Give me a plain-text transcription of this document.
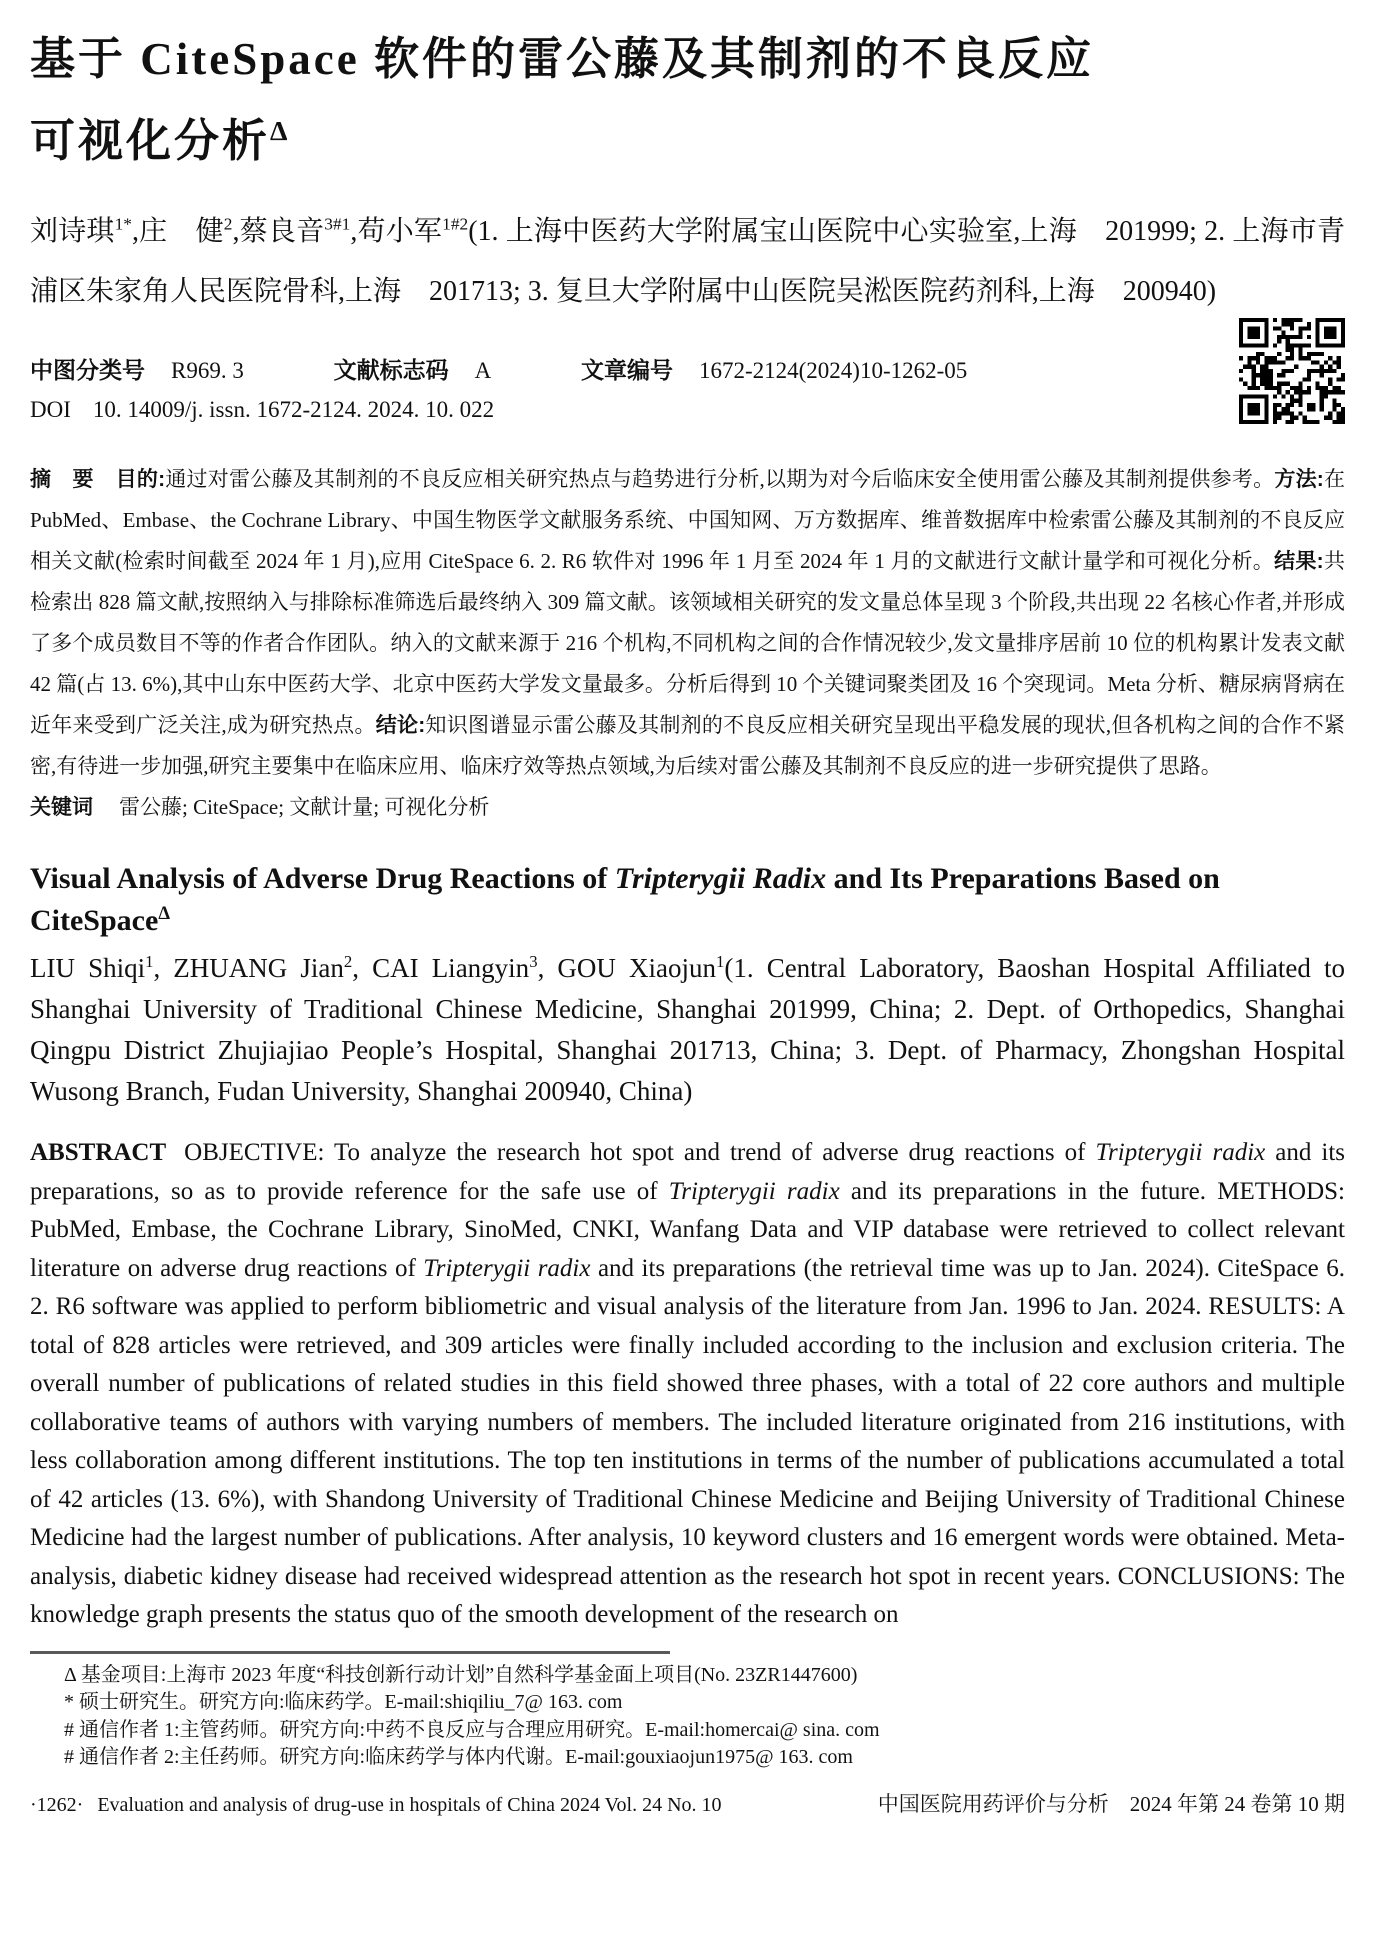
基于 CiteSpace 软件的雷公藤及其制剂的不良反应
可视化分析$^\Delta$
刘诗琪$^{1*}$,庄　健$^2$,蔡良音$^{3\#1}$,苟小军$^{1\#2}$(1. 上海中医药大学附属宝山医院中心实验室,上海　201999; 2. 上海市青浦区朱家角人民医院骨科,上海　201713; 3. 复旦大学附属中山医院吴淞医院药剂科,上海　200940)
中图分类号 R969. 3	文献标志码 A	文章编号 1672-2124(2024)10-1262-05
DOI 10. 14009/j. issn. 1672-2124. 2024. 10. 022
摘　要 目的:通过对雷公藤及其制剂的不良反应相关研究热点与趋势进行分析,以期为对今后临床安全使用雷公藤及其制剂提供参考。方法:在 PubMed、Embase、the Cochrane Library、中国生物医学文献服务系统、中国知网、万方数据库、维普数据库中检索雷公藤及其制剂的不良反应相关文献(检索时间截至 2024 年 1 月),应用 CiteSpace 6. 2. R6 软件对 1996 年 1 月至 2024 年 1 月的文献进行文献计量学和可视化分析。结果:共检索出 828 篇文献,按照纳入与排除标准筛选后最终纳入 309 篇文献。该领域相关研究的发文量总体呈现 3 个阶段,共出现 22 名核心作者,并形成了多个成员数目不等的作者合作团队。纳入的文献来源于 216 个机构,不同机构之间的合作情况较少,发文量排序居前 10 位的机构累计发表文献 42 篇(占 13. 6%),其中山东中医药大学、北京中医药大学发文量最多。分析后得到 10 个关键词聚类团及 16 个突现词。Meta 分析、糖尿病肾病在近年来受到广泛关注,成为研究热点。结论:知识图谱显示雷公藤及其制剂的不良反应相关研究呈现出平稳发展的现状,但各机构之间的合作不紧密,有待进一步加强,研究主要集中在临床应用、临床疗效等热点领域,为后续对雷公藤及其制剂不良反应的进一步研究提供了思路。
关键词 雷公藤; CiteSpace; 文献计量; 可视化分析
Visual Analysis of Adverse Drug Reactions of Tripterygii Radix and Its Preparations Based on
CiteSpace$^\Delta$
LIU Shiqi$^1$, ZHUANG Jian$^2$, CAI Liangyin$^3$, GOU Xiaojun$^1$(1. Central Laboratory, Baoshan Hospital Affiliated to Shanghai University of Traditional Chinese Medicine, Shanghai 201999, China; 2. Dept. of Orthopedics, Shanghai Qingpu District Zhujiajiao People’s Hospital, Shanghai 201713, China; 3. Dept. of Pharmacy, Zhongshan Hospital Wusong Branch, Fudan University, Shanghai 200940, China)
ABSTRACT OBJECTIVE: To analyze the research hot spot and trend of adverse drug reactions of Tripterygii radix and its preparations, so as to provide reference for the safe use of Tripterygii radix and its preparations in the future. METHODS: PubMed, Embase, the Cochrane Library, SinoMed, CNKI, Wanfang Data and VIP database were retrieved to collect relevant literature on adverse drug reactions of Tripterygii radix and its preparations (the retrieval time was up to Jan. 2024). CiteSpace 6. 2. R6 software was applied to perform bibliometric and visual analysis of the literature from Jan. 1996 to Jan. 2024. RESULTS: A total of 828 articles were retrieved, and 309 articles were finally included according to the inclusion and exclusion criteria. The overall number of publications of related studies in this field showed three phases, with a total of 22 core authors and multiple collaborative teams of authors with varying numbers of members. The included literature originated from 216 institutions, with less collaboration among different institutions. The top ten institutions in terms of the number of publications accumulated a total of 42 articles (13. 6%), with Shandong University of Traditional Chinese Medicine and Beijing University of Traditional Chinese Medicine had the largest number of publications. After analysis, 10 keyword clusters and 16 emergent words were obtained. Meta-analysis, diabetic kidney disease had received widespread attention as the research hot spot in recent years. CONCLUSIONS: The knowledge graph presents the status quo of the smooth development of the research on
Δ 基金项目:上海市 2023 年度“科技创新行动计划”自然科学基金面上项目(No. 23ZR1447600)
* 硕士研究生。研究方向:临床药学。E-mail:shiqiliu_7@ 163. com
# 通信作者 1:主管药师。研究方向:中药不良反应与合理应用研究。E-mail:homercai@ sina. com
# 通信作者 2:主任药师。研究方向:临床药学与体内代谢。E-mail:gouxiaojun1975@ 163. com
·1262· Evaluation and analysis of drug-use in hospitals of China 2024 Vol. 24 No. 10	中国医院用药评价与分析　2024 年第 24 卷第 10 期
